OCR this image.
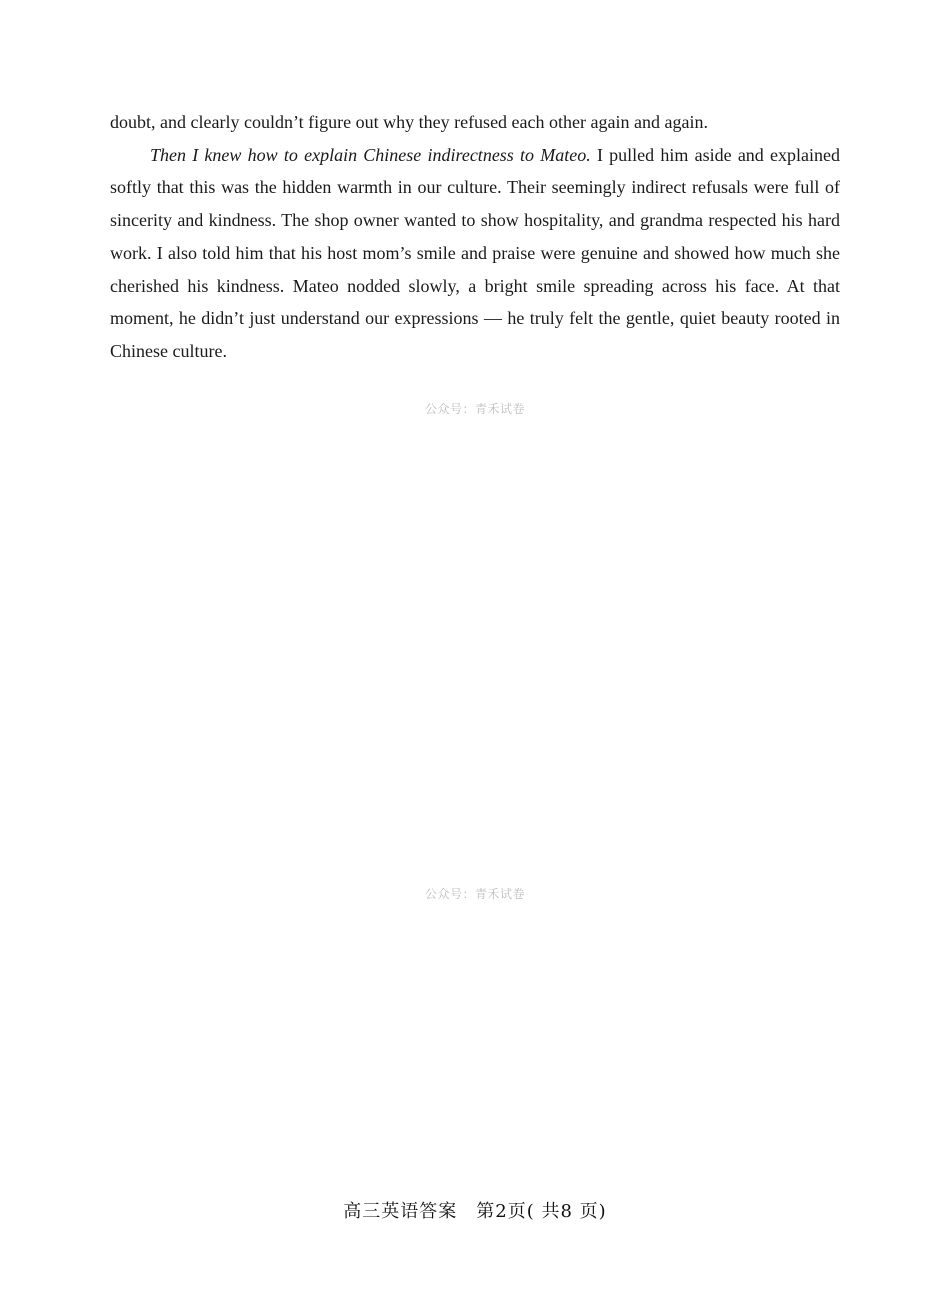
doubt, and clearly couldn’t figure out why they refused each other again and again.

Then I knew how to explain Chinese indirectness to Mateo. I pulled him aside and explained softly that this was the hidden warmth in our culture. Their seemingly indirect refusals were full of sincerity and kindness. The shop owner wanted to show hospitality, and grandma respected his hard work. I also told him that his host mom’s smile and praise were genuine and showed how much she cherished his kindness. Mateo nodded slowly, a bright smile spreading across his face. At that moment, he didn’t just understand our expressions — he truly felt the gentle, quiet beauty rooted in Chinese culture.

公众号：青禾试卷
公众号：青禾试卷
高三英语答案　第2页( 共8 页)
